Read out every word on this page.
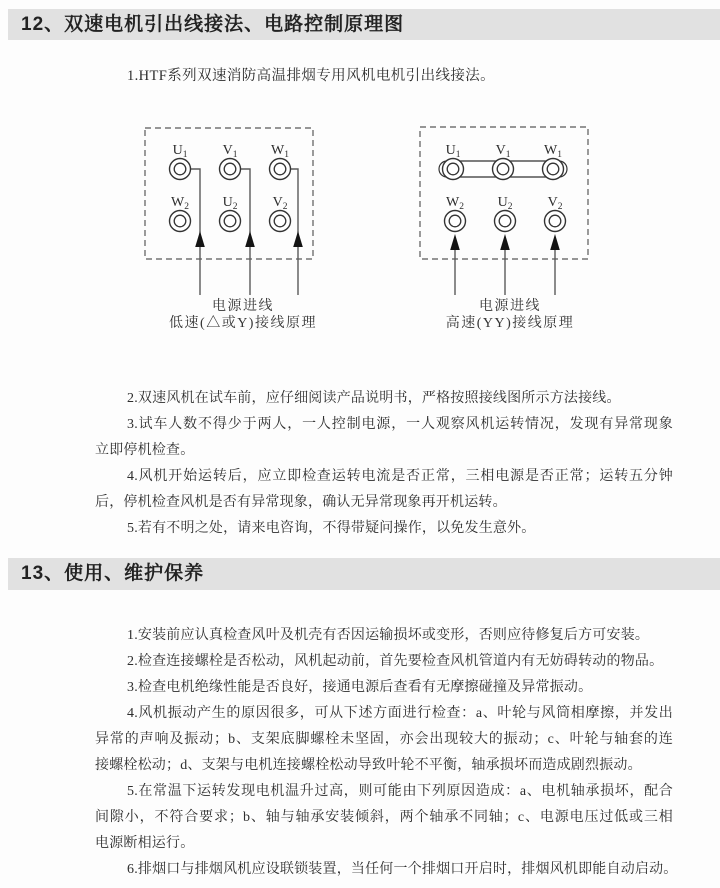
12、双速电机引出线接法、电路控制原理图
1.HTF系列双速消防高温排烟专用风机电机引出线接法。
$U_1$	$V_1$ $W_1$
$W_2$ $U_2$	$V_2$
$U_1$	$V_1$ $W_1$
$W_2$ $U_2$	$V_2$
电源进线
低速(△或Y)接线原理
电源进线
高速(YY)接线原理
2.双速风机在试车前，应仔细阅读产品说明书，严格按照接线图所示方法接线。
3.试车人数不得少于两人，一人控制电源，一人观察风机运转情况，发现有异常现象
立即停机检查。
4.风机开始运转后，应立即检查运转电流是否正常，三相电源是否正常；运转五分钟
后，停机检查风机是否有异常现象，确认无异常现象再开机运转。
5.若有不明之处，请来电咨询，不得带疑问操作，以免发生意外。
13、使用、维护保养
1.安装前应认真检查风叶及机壳有否因运输损坏或变形，否则应待修复后方可安装。
2.检查连接螺栓是否松动，风机起动前，首先要检查风机管道内有无妨碍转动的物品。
3.检查电机绝缘性能是否良好，接通电源后查看有无摩擦碰撞及异常振动。
4.风机振动产生的原因很多，可从下述方面进行检查：a、叶轮与风筒相摩擦，并发出
异常的声响及振动；b、支架底脚螺栓未坚固，亦会出现较大的振动；c、叶轮与轴套的连
接螺栓松动；d、支架与电机连接螺栓松动导致叶轮不平衡，轴承损坏而造成剧烈振动。
5.在常温下运转发现电机温升过高，则可能由下列原因造成：a、电机轴承损坏，配合
间隙小，不符合要求；b、轴与轴承安装倾斜，两个轴承不同轴；c、电源电压过低或三相
电源断相运行。
6.排烟口与排烟风机应设联锁装置，当任何一个排烟口开启时，排烟风机即能自动启动。
